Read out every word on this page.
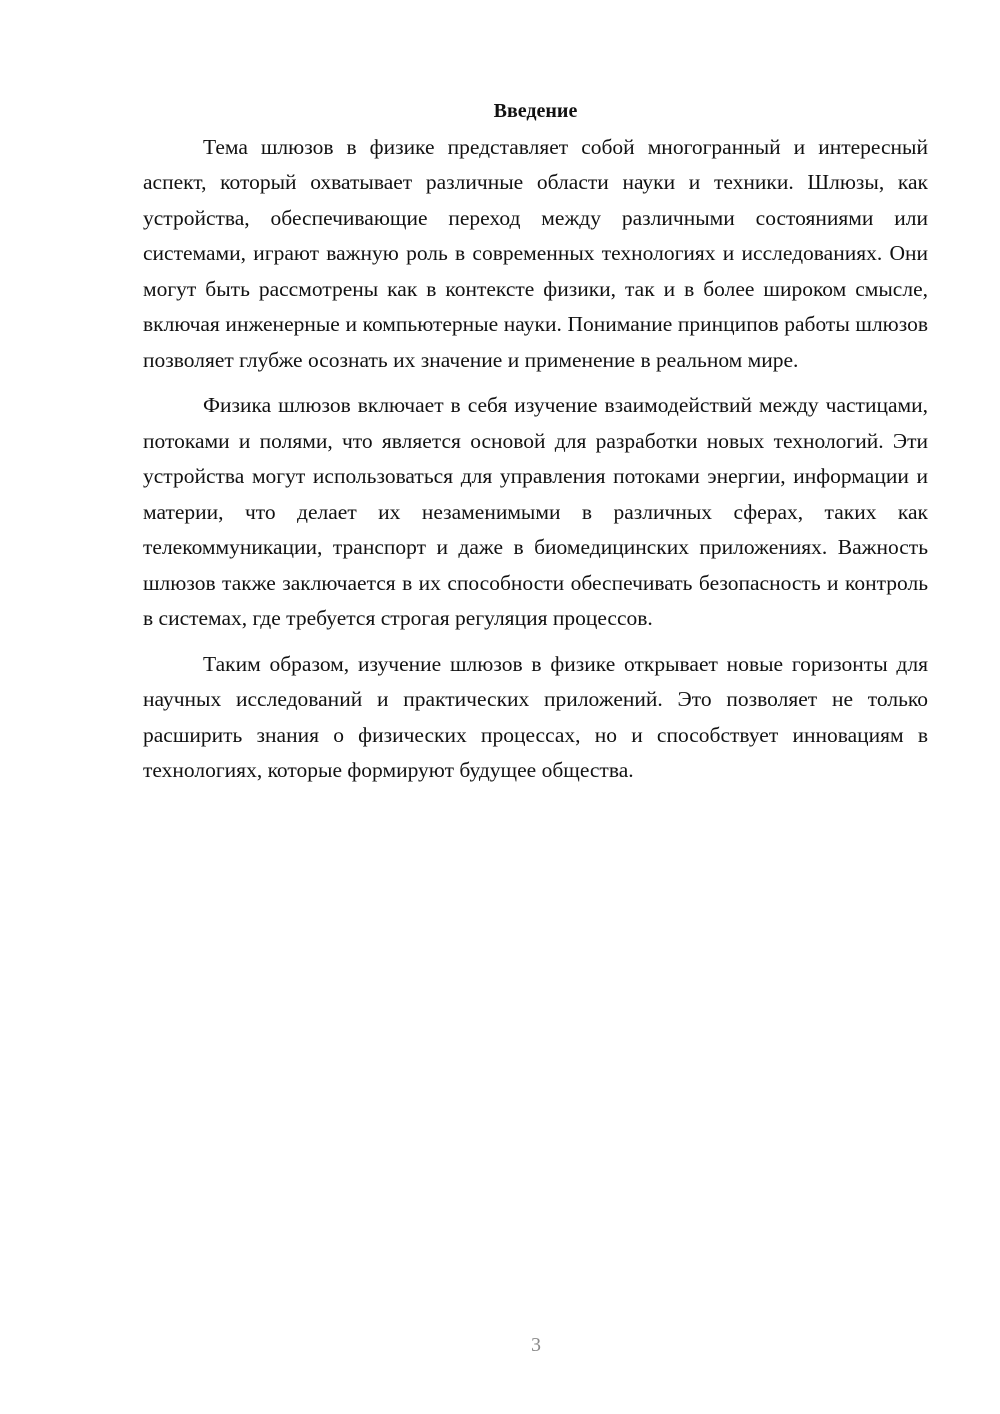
Введение

Тема шлюзов в физике представляет собой многогранный и интересный аспект, который охватывает различные области науки и техники. Шлюзы, как устройства, обеспечивающие переход между различными состояниями или системами, играют важную роль в современных технологиях и исследованиях. Они могут быть рассмотрены как в контексте физики, так и в более широком смысле, включая инженерные и компьютерные науки. Понимание принципов работы шлюзов позволяет глубже осознать их значение и применение в реальном мире.

Физика шлюзов включает в себя изучение взаимодействий между частицами, потоками и полями, что является основой для разработки новых технологий. Эти устройства могут использоваться для управления потоками энергии, информации и материи, что делает их незаменимыми в различных сферах, таких как телекоммуникации, транспорт и даже в биомедицинских приложениях. Важность шлюзов также заключается в их способности обеспечивать безопасность и контроль в системах, где требуется строгая регуляция процессов.

Таким образом, изучение шлюзов в физике открывает новые горизонты для научных исследований и практических приложений. Это позволяет не только расширить знания о физических процессах, но и способствует инновациям в технологиях, которые формируют будущее общества.

3
